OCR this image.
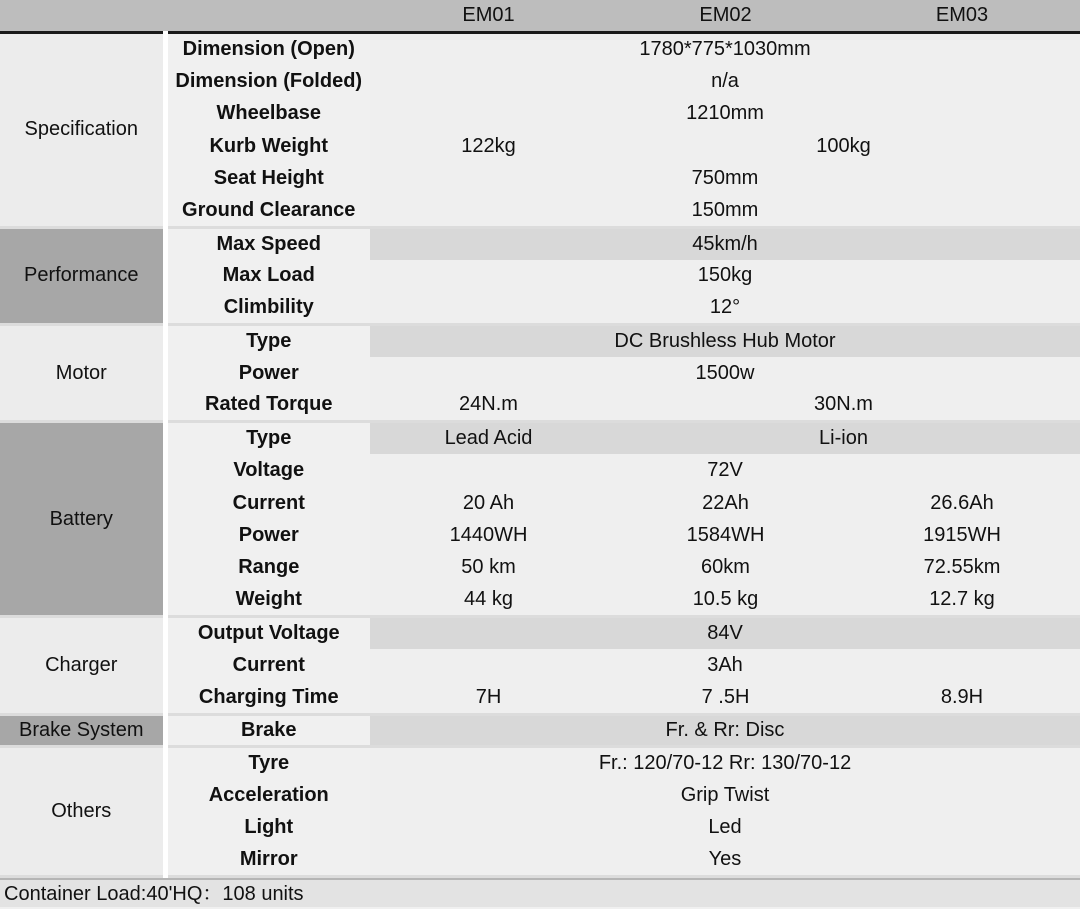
		EM01	EM02	EM03
Specification	Dimension (Open)	1780*775*1030mm		
	Dimension (Folded)	n/a		
	Wheelbase	1210mm		
	Kurb Weight	122kg	100kg	
	Seat Height	750mm		
	Ground Clearance	150mm		
Performance	Max Speed	45km/h		
	Max Load	150kg		
	Climbility	12°		
Motor	Type	DC Brushless Hub Motor		
	Power	1500w		
	Rated Torque	24N.m	30N.m	
Battery	Type	Lead Acid	Li-ion	
	Voltage	72V		
	Current	20 Ah	22Ah	26.6Ah
	Power	1440WH	1584WH	1915WH
	Range	50 km	60km	72.55km
	Weight	44 kg	10.5 kg	12.7 kg
Charger	Output Voltage	84V		
	Current	3Ah		
	Charging Time	7H	7 .5H	8.9H
Brake System	Brake	Fr. & Rr: Disc		
Others	Tyre	Fr.: 120/70-12 Rr: 130/70-12		
	Acceleration	Grip Twist		
	Light	Led		
	Mirror	Yes		
Container Load:40'HQ：108 units
